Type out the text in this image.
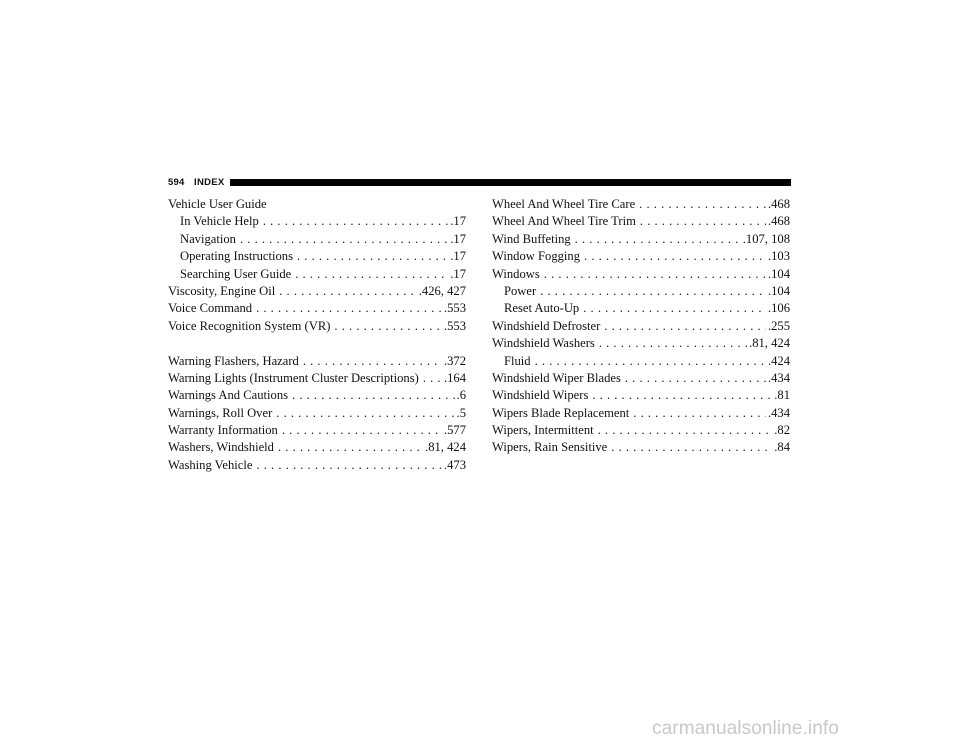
594 INDEX
Vehicle User Guide
In Vehicle Help . . .	.17
Navigation . . .	.17
Operating Instructions . . .	.17
Searching User Guide . . .	.17
Viscosity, Engine Oil . . .	.426, 427
Voice Command . . .	.553
Voice Recognition System (VR) . . .	.553
Warning Flashers, Hazard . . .	.372
Warning Lights (Instrument Cluster Descriptions) . . . .164
Warnings And Cautions . . .	.6
Warnings, Roll Over . . .	.5
Warranty Information . . .	.577
Washers, Windshield . . .	.81, 424
Washing Vehicle . . .	.473
Wheel And Wheel Tire Care . . .	.468
Wheel And Wheel Tire Trim . . .	.468
Wind Buffeting . . .	.107, 108
Window Fogging . . .	.103
Windows . . .	.104
Power . . .	.104
Reset Auto-Up . . .	.106
Windshield Defroster . . .	.255
Windshield Washers . . .	.81, 424
Fluid . . .	.424
Windshield Wiper Blades . . .	.434
Windshield Wipers . . .	.81
Wipers Blade Replacement . . .	.434
Wipers, Intermittent . . .	.82
Wipers, Rain Sensitive . . .	.84
carmanualsonline.info
